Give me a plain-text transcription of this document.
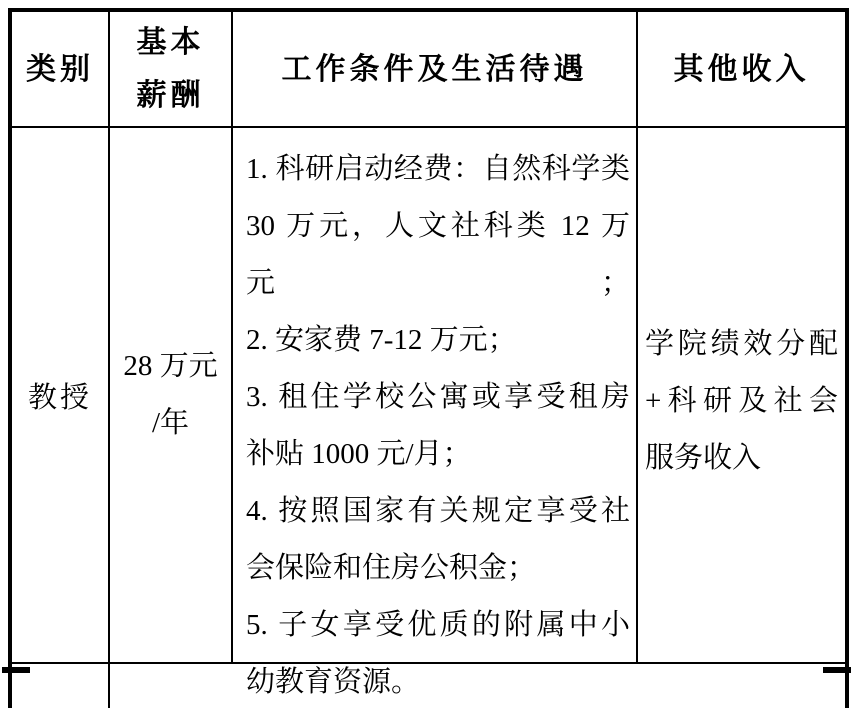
类别
基本
薪酬
工作条件及生活待遇	其他收入
教授
28 万元
/年
1. 科研启动经费：自然科学类
30 万元，人文社科类 12 万元；
2. 安家费 7-12 万元；
3. 租住学校公寓或享受租房
补贴 1000 元/月；
4. 按照国家有关规定享受社
会保险和住房公积金；
5. 子女享受优质的附属中小
幼教育资源。
学院绩效分配
+科研及社会
服务收入
